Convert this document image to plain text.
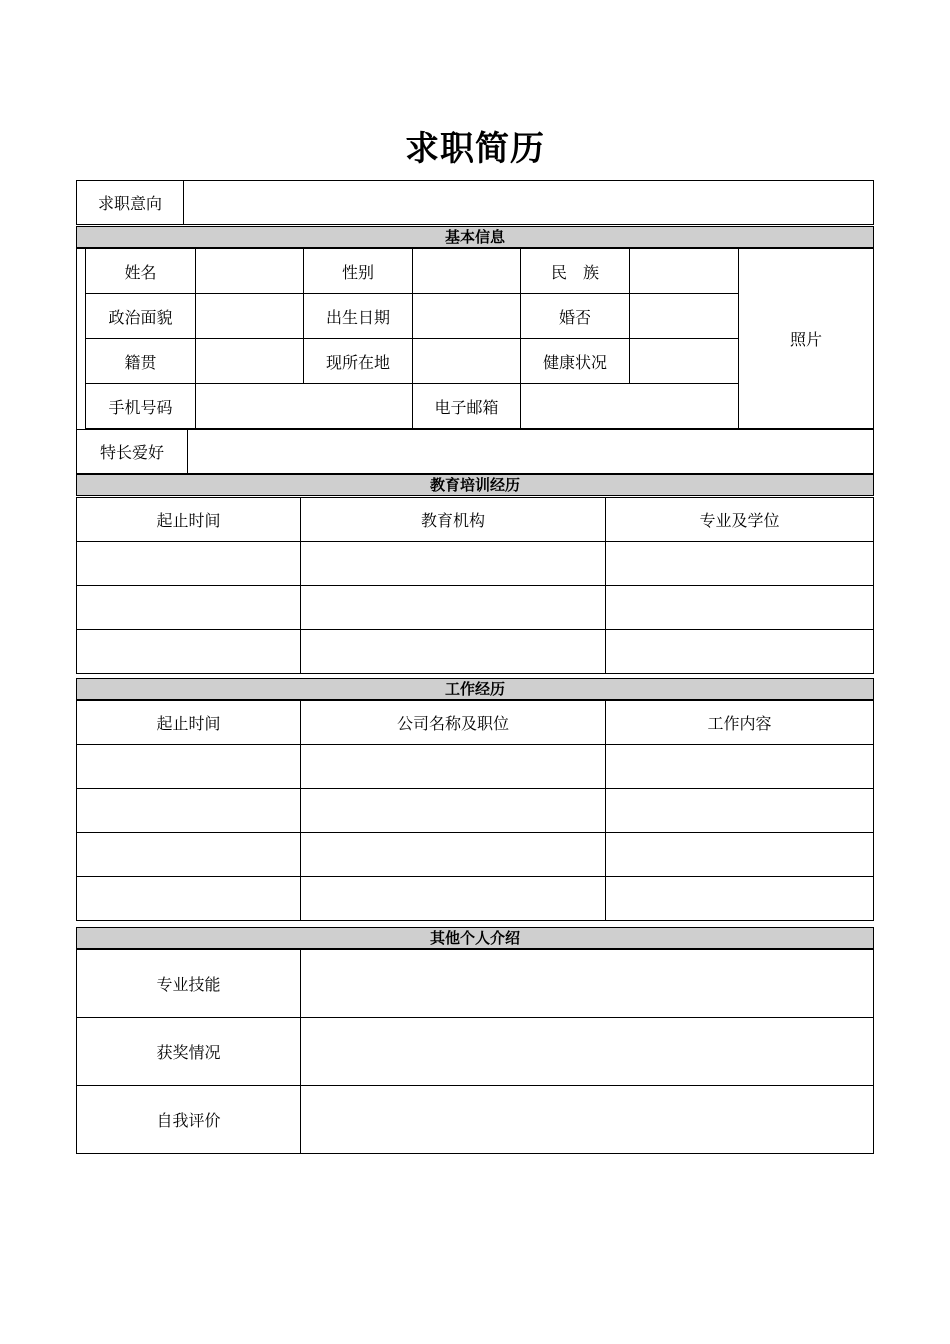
求职简历
求职意向	
基本信息
	姓名		性别		民　族		照片
	政治面貌		出生日期		婚否		
	籍贯		现所在地		健康状况		
	手机号码			电子邮箱			
特长爱好	
教育培训经历
起止时间	教育机构	专业及学位

工作经历
起止时间	公司名称及职位	工作内容

其他个人介绍
专业技能	
获奖情况	
自我评价	
